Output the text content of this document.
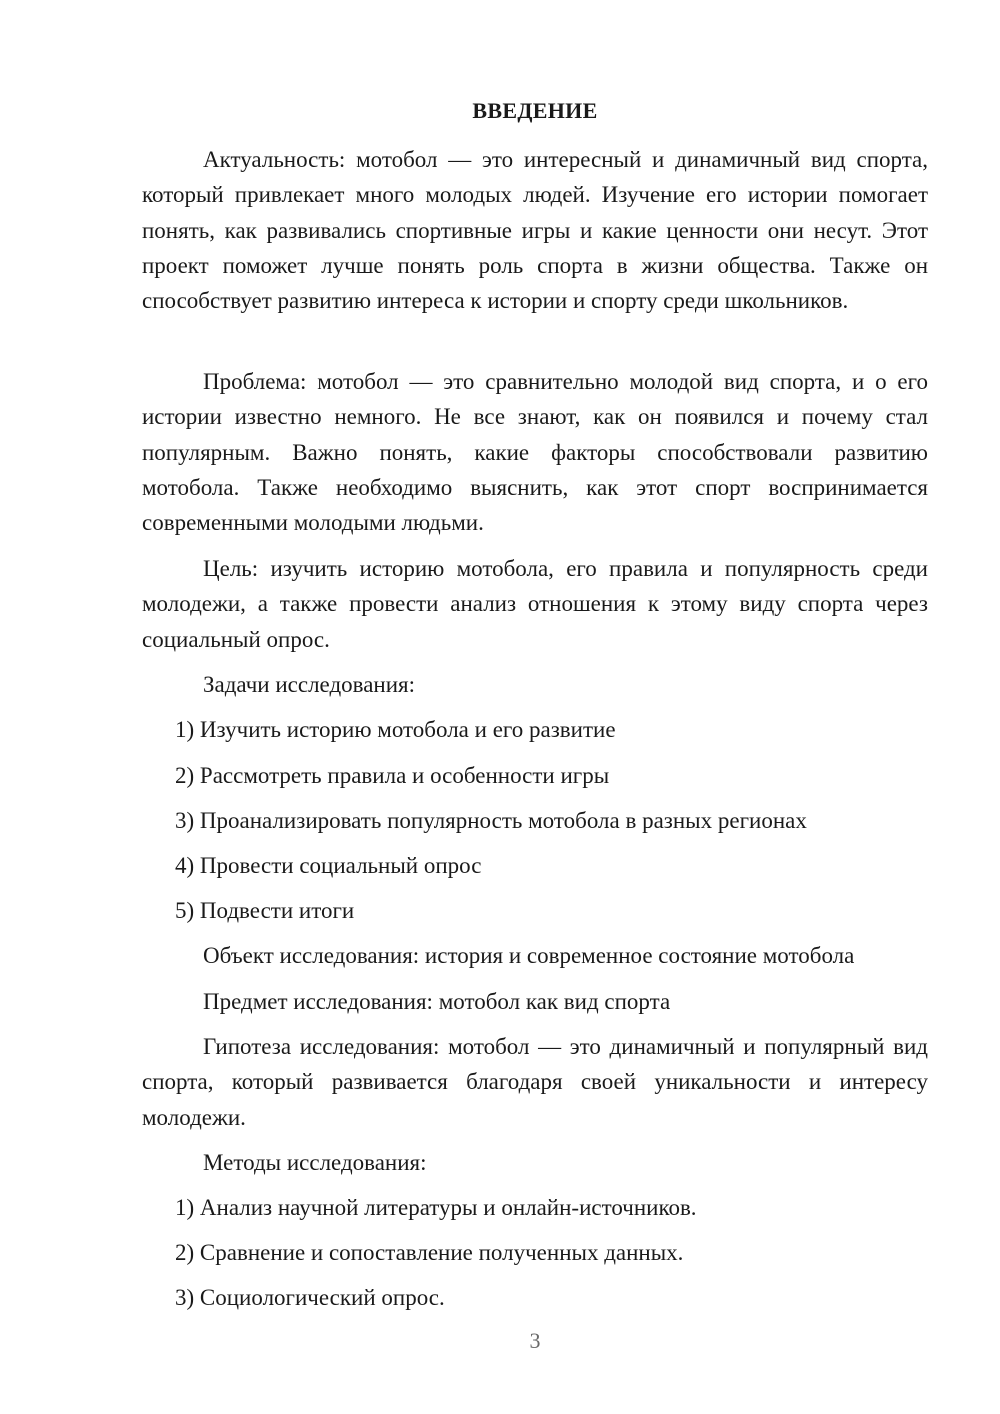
ВВЕДЕНИЕ

Актуальность: мотобол — это интересный и динамичный вид спорта, который привлекает много молодых людей. Изучение его истории помогает понять, как развивались спортивные игры и какие ценности они несут. Этот проект поможет лучше понять роль спорта в жизни общества. Также он способствует развитию интереса к истории и спорту среди школьников.

Проблема: мотобол — это сравнительно молодой вид спорта, и о его истории известно немного. Не все знают, как он появился и почему стал популярным. Важно понять, какие факторы способствовали развитию мотобола. Также необходимо выяснить, как этот спорт воспринимается современными молодыми людьми.

Цель: изучить историю мотобола, его правила и популярность среди молодежи, а также провести анализ отношения к этому виду спорта через социальный опрос.

Задачи исследования:
1) Изучить историю мотобола и его развитие
2) Рассмотреть правила и особенности игры
3) Проанализировать популярность мотобола в разных регионах
4) Провести социальный опрос
5) Подвести итоги
Объект исследования: история и современное состояние мотобола
Предмет исследования: мотобол как вид спорта

Гипотеза исследования: мотобол — это динамичный и популярный вид спорта, который развивается благодаря своей уникальности и интересу молодежи.

Методы исследования:
1) Анализ научной литературы и онлайн-источников.
2) Сравнение и сопоставление полученных данных.
3) Социологический опрос.
3
